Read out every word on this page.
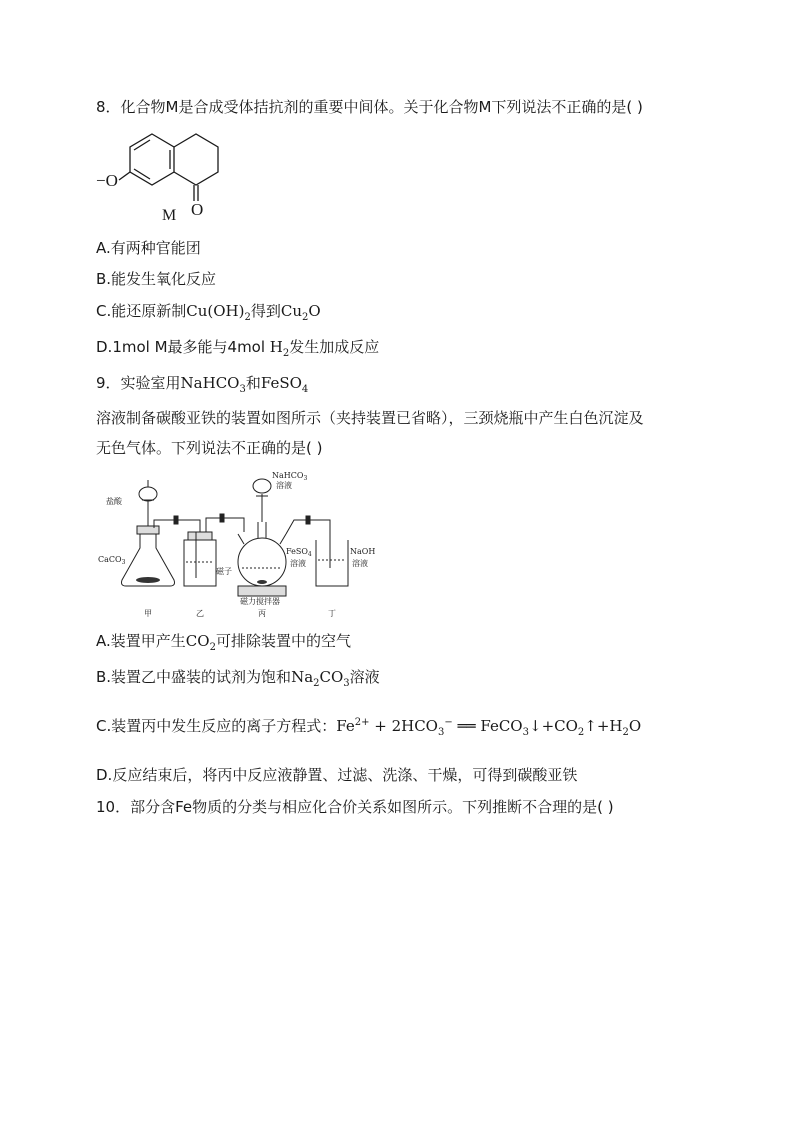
8．化合物M是合成受体拮抗剂的重要中间体。关于化合物M下列说法不正确的是( )
−O
O
M
A.有两种官能团
B.能发生氧化反应
C.能还原新制$Cu(OH)_2$得到$Cu_2O$
D.1mol M最多能与4mol $H_2$发生加成反应
9．实验室用NaHCO$_3$和FeSO$_4$
溶液制备碳酸亚铁的装置如图所示（夹持装置已省略），三颈烧瓶中产生白色沉淀及
无色气体。下列说法不正确的是( )
盐酸
CaCO$_3$
NaHCO$_3$
溶液
FeSO$_4$
溶液
磁子
磁力搅拌器
NaOH
溶液
甲	乙	丙	丁
A.装置甲产生$CO_2$可排除装置中的空气
B.装置乙中盛装的试剂为饱和$Na_2CO_3$溶液
C.装置丙中发生反应的离子方程式：$Fe^{2+} + 2HCO_3^-$ ══ $FeCO_3↓+CO_2↑+H_2O$
D.反应结束后，将丙中反应液静置、过滤、洗涤、干燥，可得到碳酸亚铁
10．部分含Fe物质的分类与相应化合价关系如图所示。下列推断不合理的是( )
